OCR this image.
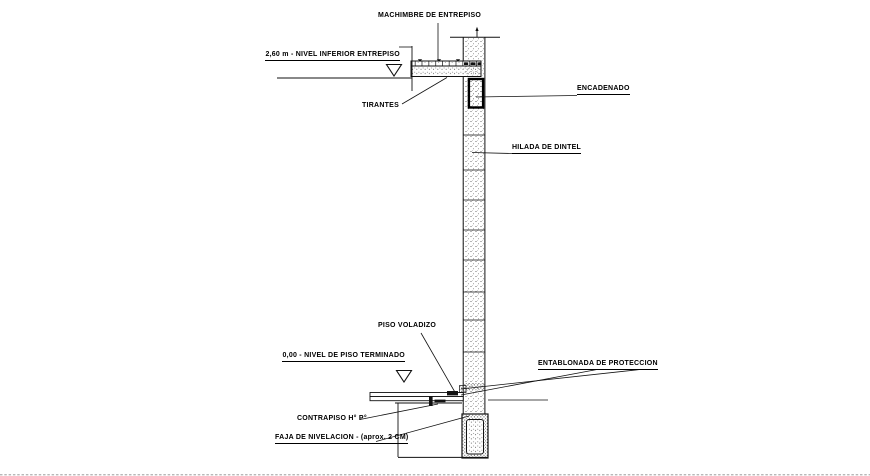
MACHIMBRE DE ENTREPISO
2,60 m - NIVEL INFERIOR ENTREPISO
TIRANTES
ENCADENADO
HILADA DE DINTEL
PISO VOLADIZO
0,00 - NIVEL DE PISO TERMINADO
ENTABLONADA DE PROTECCION
CONTRAPISO H° P°
FAJA DE NIVELACION - (aprox. 2 CM)
